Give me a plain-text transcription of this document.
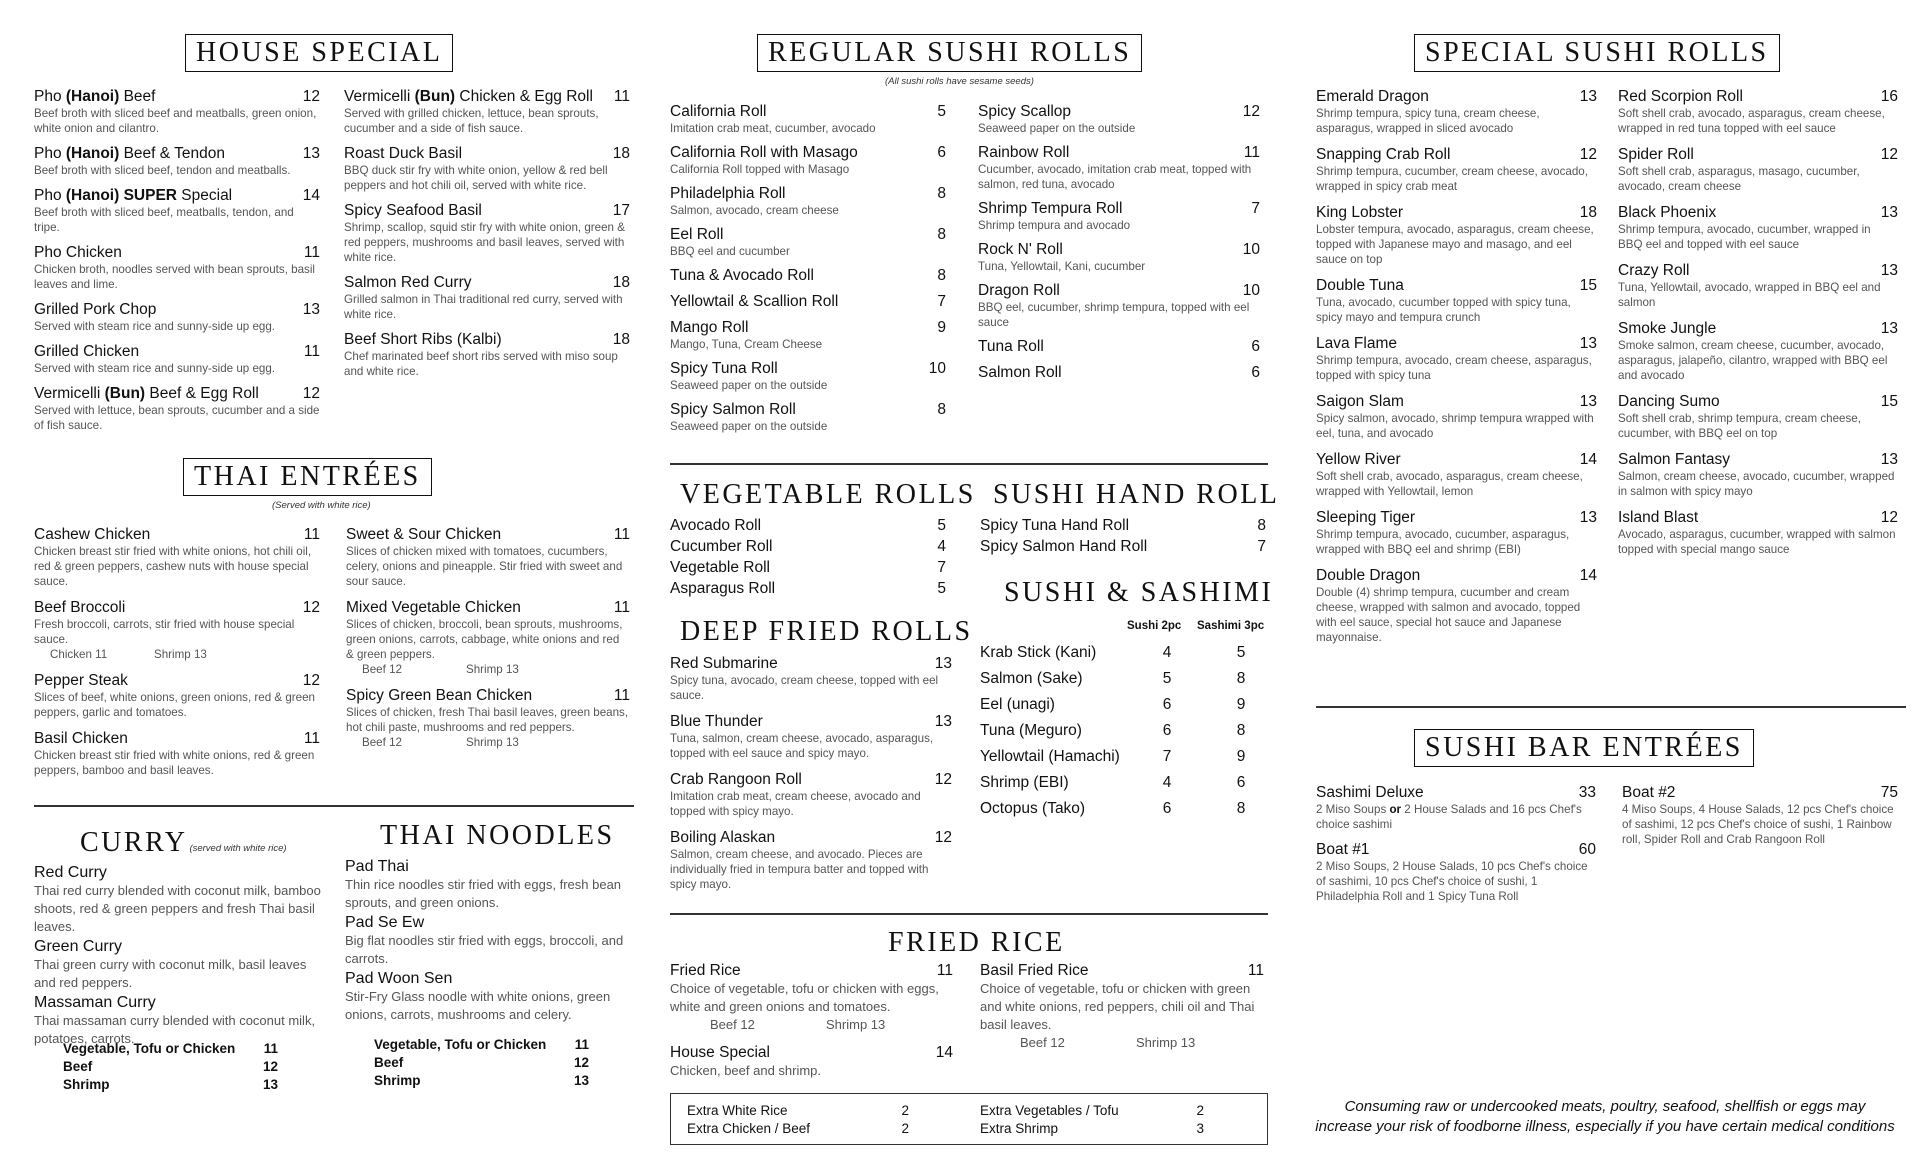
HOUSE SPECIAL
Pho (Hanoi) Beef	12
Beef broth with sliced beef and meatballs, green onion, white onion and cilantro.
Pho (Hanoi) Beef & Tendon	13
Beef broth with sliced beef, tendon and meatballs.
Pho (Hanoi) SUPER Special	14
Beef broth with sliced beef, meatballs, tendon, and tripe.
Pho Chicken	11
Chicken broth, noodles served with bean sprouts, basil leaves and lime.
Grilled Pork Chop	13
Served with steam rice and sunny-side up egg.
Grilled Chicken	11
Served with steam rice and sunny-side up egg.
Vermicelli (Bun) Beef & Egg Roll	12
Served with lettuce, bean sprouts, cucumber and a side of fish sauce.
Vermicelli (Bun) Chicken & Egg Roll 11
Served with grilled chicken, lettuce, bean sprouts, cucumber and a side of fish sauce.
Roast Duck Basil	18
BBQ duck stir fry with white onion, yellow & red bell peppers and hot chili oil, served with white rice.
Spicy Seafood Basil	17
Shrimp, scallop, squid stir fry with white onion, green & red peppers, mushrooms and basil leaves, served with white rice.
Salmon Red Curry	18
Grilled salmon in Thai traditional red curry, served with white rice.
Beef Short Ribs (Kalbi)	18
Chef marinated beef short ribs served with miso soup and white rice.
THAI ENTRÉES
(Served with white rice)
Cashew Chicken	11
Chicken breast stir fried with white onions, hot chili oil, red & green peppers, cashew nuts with house special sauce.
Beef Broccoli	12
Fresh broccoli, carrots, stir fried with house special sauce.
Chicken 11	Shrimp 13
Pepper Steak	12
Slices of beef, white onions, green onions, red & green peppers, garlic and tomatoes.
Basil Chicken	11
Chicken breast stir fried with white onions, red & green peppers, bamboo and basil leaves.
Sweet & Sour Chicken	11
Slices of chicken mixed with tomatoes, cucumbers, celery, onions and pineapple. Stir fried with sweet and sour sauce.
Mixed Vegetable Chicken	11
Slices of chicken, broccoli, bean sprouts, mushrooms, green onions, carrots, cabbage, white onions and red & green peppers.
Beef 12	Shrimp 13
Spicy Green Bean Chicken	11
Slices of chicken, fresh Thai basil leaves, green beans, hot chili paste, mushrooms and red peppers.
Beef 12	Shrimp 13
CURRY (served with white rice)
Red Curry
Thai red curry blended with coconut milk, bamboo shoots, red & green peppers and fresh Thai basil leaves.
Green Curry
Thai green curry with coconut milk, basil leaves and red peppers.
Massaman Curry
Thai massaman curry blended with coconut milk, potatoes, carrots.
Vegetable, Tofu or Chicken 11
Beef	12
Shrimp	13
THAI NOODLES
Pad Thai
Thin rice noodles stir fried with eggs, fresh bean sprouts, and green onions.
Pad Se Ew
Big flat noodles stir fried with eggs, broccoli, and carrots.
Pad Woon Sen
Stir-Fry Glass noodle with white onions, green onions, carrots, mushrooms and celery.
Vegetable, Tofu or Chicken 11
Beef	12
Shrimp	13
REGULAR SUSHI ROLLS
(All sushi rolls have sesame seeds)
California Roll	5
Imitation crab meat, cucumber, avocado
California Roll with Masago	6
California Roll topped with Masago
Philadelphia Roll	8
Salmon, avocado, cream cheese
Eel Roll	8
BBQ eel and cucumber
Tuna & Avocado Roll	8
Yellowtail & Scallion Roll	7
Mango Roll	9
Mango, Tuna, Cream Cheese
Spicy Tuna Roll	10
Seaweed paper on the outside
Spicy Salmon Roll	8
Seaweed paper on the outside
Spicy Scallop	12
Seaweed paper on the outside
Rainbow Roll	11
Cucumber, avocado, imitation crab meat, topped with salmon, red tuna, avocado
Shrimp Tempura Roll	7
Shrimp tempura and avocado
Rock N' Roll	10
Tuna, Yellowtail, Kani, cucumber
Dragon Roll	10
BBQ eel, cucumber, shrimp tempura, topped with eel sauce
Tuna Roll	6
Salmon Roll	6
VEGETABLE ROLLS
Avocado Roll	5
Cucumber Roll	4
Vegetable Roll	7
Asparagus Roll	5
SUSHI HAND ROLL
Spicy Tuna Hand Roll	8
Spicy Salmon Hand Roll	7
DEEP FRIED ROLLS
Red Submarine	13
Spicy tuna, avocado, cream cheese, topped with eel sauce.
Blue Thunder	13
Tuna, salmon, cream cheese, avocado, asparagus, topped with eel sauce and spicy mayo.
Crab Rangoon Roll	12
Imitation crab meat, cream cheese, avocado and topped with spicy mayo.
Boiling Alaskan	12
Salmon, cream cheese, and avocado. Pieces are individually fried in tempura batter and topped with spicy mayo.
SUSHI & SASHIMI
Sushi 2pc	Sashimi 3pc
Krab Stick (Kani)	4	5
Salmon (Sake)	5	8
Eel (unagi)	6	9
Tuna (Meguro)	6	8
Yellowtail (Hamachi)	7	9
Shrimp (EBI)	4	6
Octopus (Tako)	6	8
FRIED RICE
Fried Rice	11
Choice of vegetable, tofu or chicken with eggs, white and green onions and tomatoes.
Beef 12	Shrimp 13
House Special	14
Chicken, beef and shrimp.
Basil Fried Rice	11
Choice of vegetable, tofu or chicken with green and white onions, red peppers, chili oil and Thai basil leaves.
Beef 12	Shrimp 13
Extra White Rice	2
Extra Chicken / Beef	2
Extra Vegetables / Tofu	2
Extra Shrimp	3
SPECIAL SUSHI ROLLS
Emerald Dragon	13
Shrimp tempura, spicy tuna, cream cheese, asparagus, wrapped in sliced avocado
Snapping Crab Roll	12
Shrimp tempura, cucumber, cream cheese, avocado, wrapped in spicy crab meat
King Lobster	18
Lobster tempura, avocado, asparagus, cream cheese, topped with Japanese mayo and masago, and eel sauce on top
Double Tuna	15
Tuna, avocado, cucumber topped with spicy tuna, spicy mayo and tempura crunch
Lava Flame	13
Shrimp tempura, avocado, cream cheese, asparagus, topped with spicy tuna
Saigon Slam	13
Spicy salmon, avocado, shrimp tempura wrapped with eel, tuna, and avocado
Yellow River	14
Soft shell crab, avocado, asparagus, cream cheese, wrapped with Yellowtail, lemon
Sleeping Tiger	13
Shrimp tempura, avocado, cucumber, asparagus, wrapped with BBQ eel and shrimp (EBI)
Double Dragon	14
Double (4) shrimp tempura, cucumber and cream cheese, wrapped with salmon and avocado, topped with eel sauce, special hot sauce and Japanese mayonnaise.
Red Scorpion Roll	16
Soft shell crab, avocado, asparagus, cream cheese, wrapped in red tuna topped with eel sauce
Spider Roll	12
Soft shell crab, asparagus, masago, cucumber, avocado, cream cheese
Black Phoenix	13
Shrimp tempura, avocado, cucumber, wrapped in BBQ eel and topped with eel sauce
Crazy Roll	13
Tuna, Yellowtail, avocado, wrapped in BBQ eel and salmon
Smoke Jungle	13
Smoke salmon, cream cheese, cucumber, avocado, asparagus, jalapeño, cilantro, wrapped with BBQ eel and avocado
Dancing Sumo	15
Soft shell crab, shrimp tempura, cream cheese, cucumber, with BBQ eel on top
Salmon Fantasy	13
Salmon, cream cheese, avocado, cucumber, wrapped in salmon with spicy mayo
Island Blast	12
Avocado, asparagus, cucumber, wrapped with salmon topped with special mango sauce
SUSHI BAR ENTRÉES
Sashimi Deluxe	33
2 Miso Soups or 2 House Salads and 16 pcs Chef's choice sashimi
Boat #1	60
2 Miso Soups, 2 House Salads, 10 pcs Chef's choice of sashimi, 10 pcs Chef's choice of sushi, 1 Philadelphia Roll and 1 Spicy Tuna Roll
Boat #2	75
4 Miso Soups, 4 House Salads, 12 pcs Chef's choice of sashimi, 12 pcs Chef's choice of sushi, 1 Rainbow roll, Spider Roll and Crab Rangoon Roll
Consuming raw or undercooked meats, poultry, seafood, shellfish or eggs may
increase your risk of foodborne illness, especially if you have certain medical conditions
